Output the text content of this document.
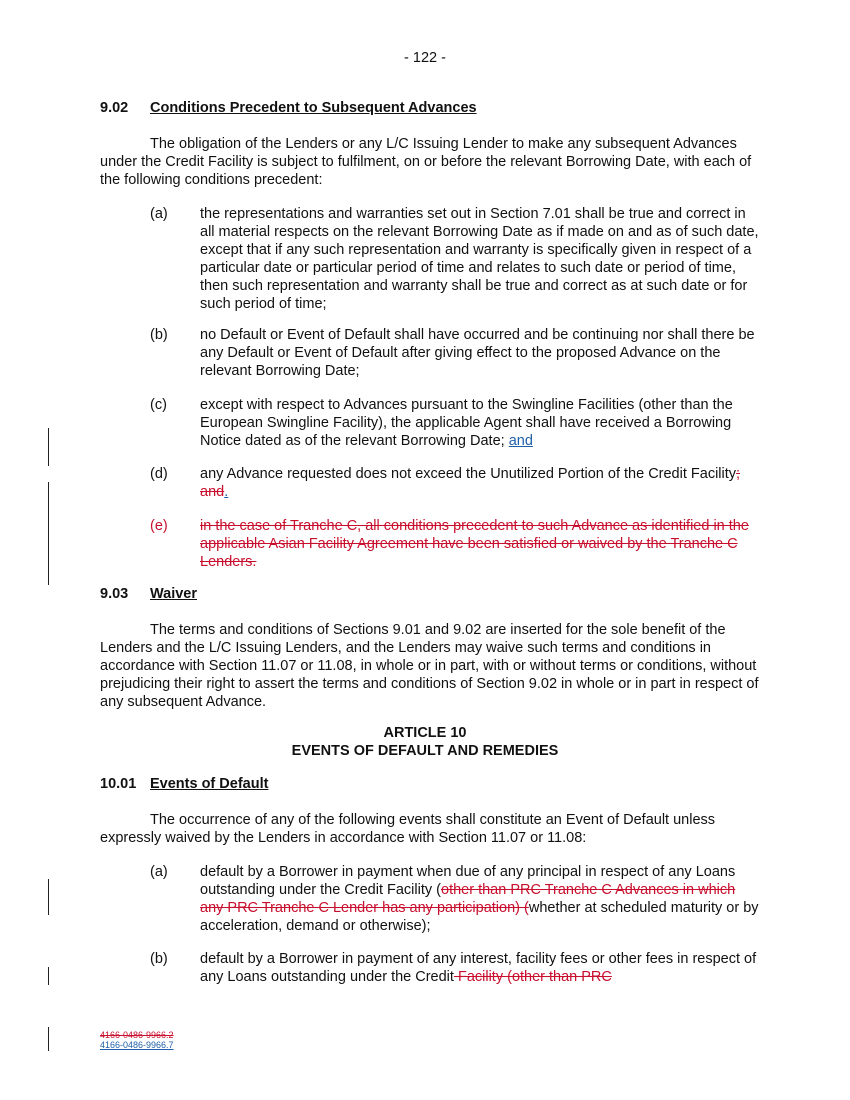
- 122 -
9.02 Conditions Precedent to Subsequent Advances
The obligation of the Lenders or any L/C Issuing Lender to make any subsequent Advances under the Credit Facility is subject to fulfilment, on or before the relevant Borrowing Date, with each of the following conditions precedent:
(a) the representations and warranties set out in Section 7.01 shall be true and correct in all material respects on the relevant Borrowing Date as if made on and as of such date, except that if any such representation and warranty is specifically given in respect of a particular date or particular period of time and relates to such date or period of time, then such representation and warranty shall be true and correct as at such date or for such period of time;
(b) no Default or Event of Default shall have occurred and be continuing nor shall there be any Default or Event of Default after giving effect to the proposed Advance on the relevant Borrowing Date;
(c) except with respect to Advances pursuant to the Swingline Facilities (other than the European Swingline Facility), the applicable Agent shall have received a Borrowing Notice dated as of the relevant Borrowing Date; and
(d) any Advance requested does not exceed the Unutilized Portion of the Credit Facility; and.
(e) in the case of Tranche C, all conditions precedent to such Advance as identified in the applicable Asian Facility Agreement have been satisfied or waived by the Tranche C Lenders.
9.03 Waiver
The terms and conditions of Sections 9.01 and 9.02 are inserted for the sole benefit of the Lenders and the L/C Issuing Lenders, and the Lenders may waive such terms and conditions in accordance with Section 11.07 or 11.08, in whole or in part, with or without terms or conditions, without prejudicing their right to assert the terms and conditions of Section 9.02 in whole or in part in respect of any subsequent Advance.
ARTICLE 10
EVENTS OF DEFAULT AND REMEDIES
10.01 Events of Default
The occurrence of any of the following events shall constitute an Event of Default unless expressly waived by the Lenders in accordance with Section 11.07 or 11.08:
(a) default by a Borrower in payment when due of any principal in respect of any Loans outstanding under the Credit Facility (other than PRC Tranche C Advances in which any PRC Tranche C Lender has any participation) (whether at scheduled maturity or by acceleration, demand or otherwise);
(b) default by a Borrower in payment of any interest, facility fees or other fees in respect of any Loans outstanding under the Credit Facility (other than PRC
4166-0486-9966.2
4166-0486-9966.7
